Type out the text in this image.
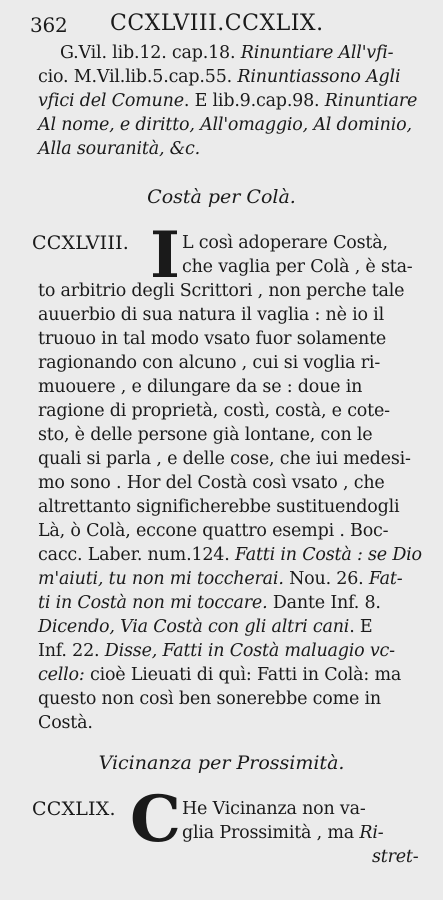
362 CCXLVIII.CCXLIX.
G.Vil. lib.12. cap.18. Rinuntiare All'vfi-
cio. M.Vil.lib.5.cap.55. Rinuntiassono Agli
vfici del Comune. E lib.9.cap.98. Rinuntiare
Al nome, e diritto, All'omaggio, Al dominio,
Alla souranità, &c.
Costà per Colà.
CCXLVIII. I L così adoperare Costà,
che vaglia per Colà , è sta-
to arbitrio degli Scrittori , non perche tale
auuerbio di sua natura il vaglia : nè io il
truouo in tal modo vsato fuor solamente
ragionando con alcuno , cui si voglia ri-
muouere , e dilungare da se : doue in
ragione di proprietà, costì, costà, e cote-
sto, è delle persone già lontane, con le
quali si parla , e delle cose, che iui medesi-
mo sono . Hor del Costà così vsato , che
altrettanto significherebbe sustituendogli
Là, ò Colà, eccone quattro esempi . Boc-
cacc. Laber. num.124. Fatti in Costà : se Dio
m'aiuti, tu non mi toccherai. Nou. 26. Fat-
ti in Costà non mi toccare. Dante Inf. 8.
Dicendo, Via Costà con gli altri cani. E
Inf. 22. Disse, Fatti in Costà maluagio vc-
cello: cioè Lieuati di quì: Fatti in Colà: ma
questo non così ben sonerebbe come in
Costà.
Vicinanza per Prossimità.
CCXLIX. C He Vicinanza non va-
glia Prossimità , ma Ri-
stret-
